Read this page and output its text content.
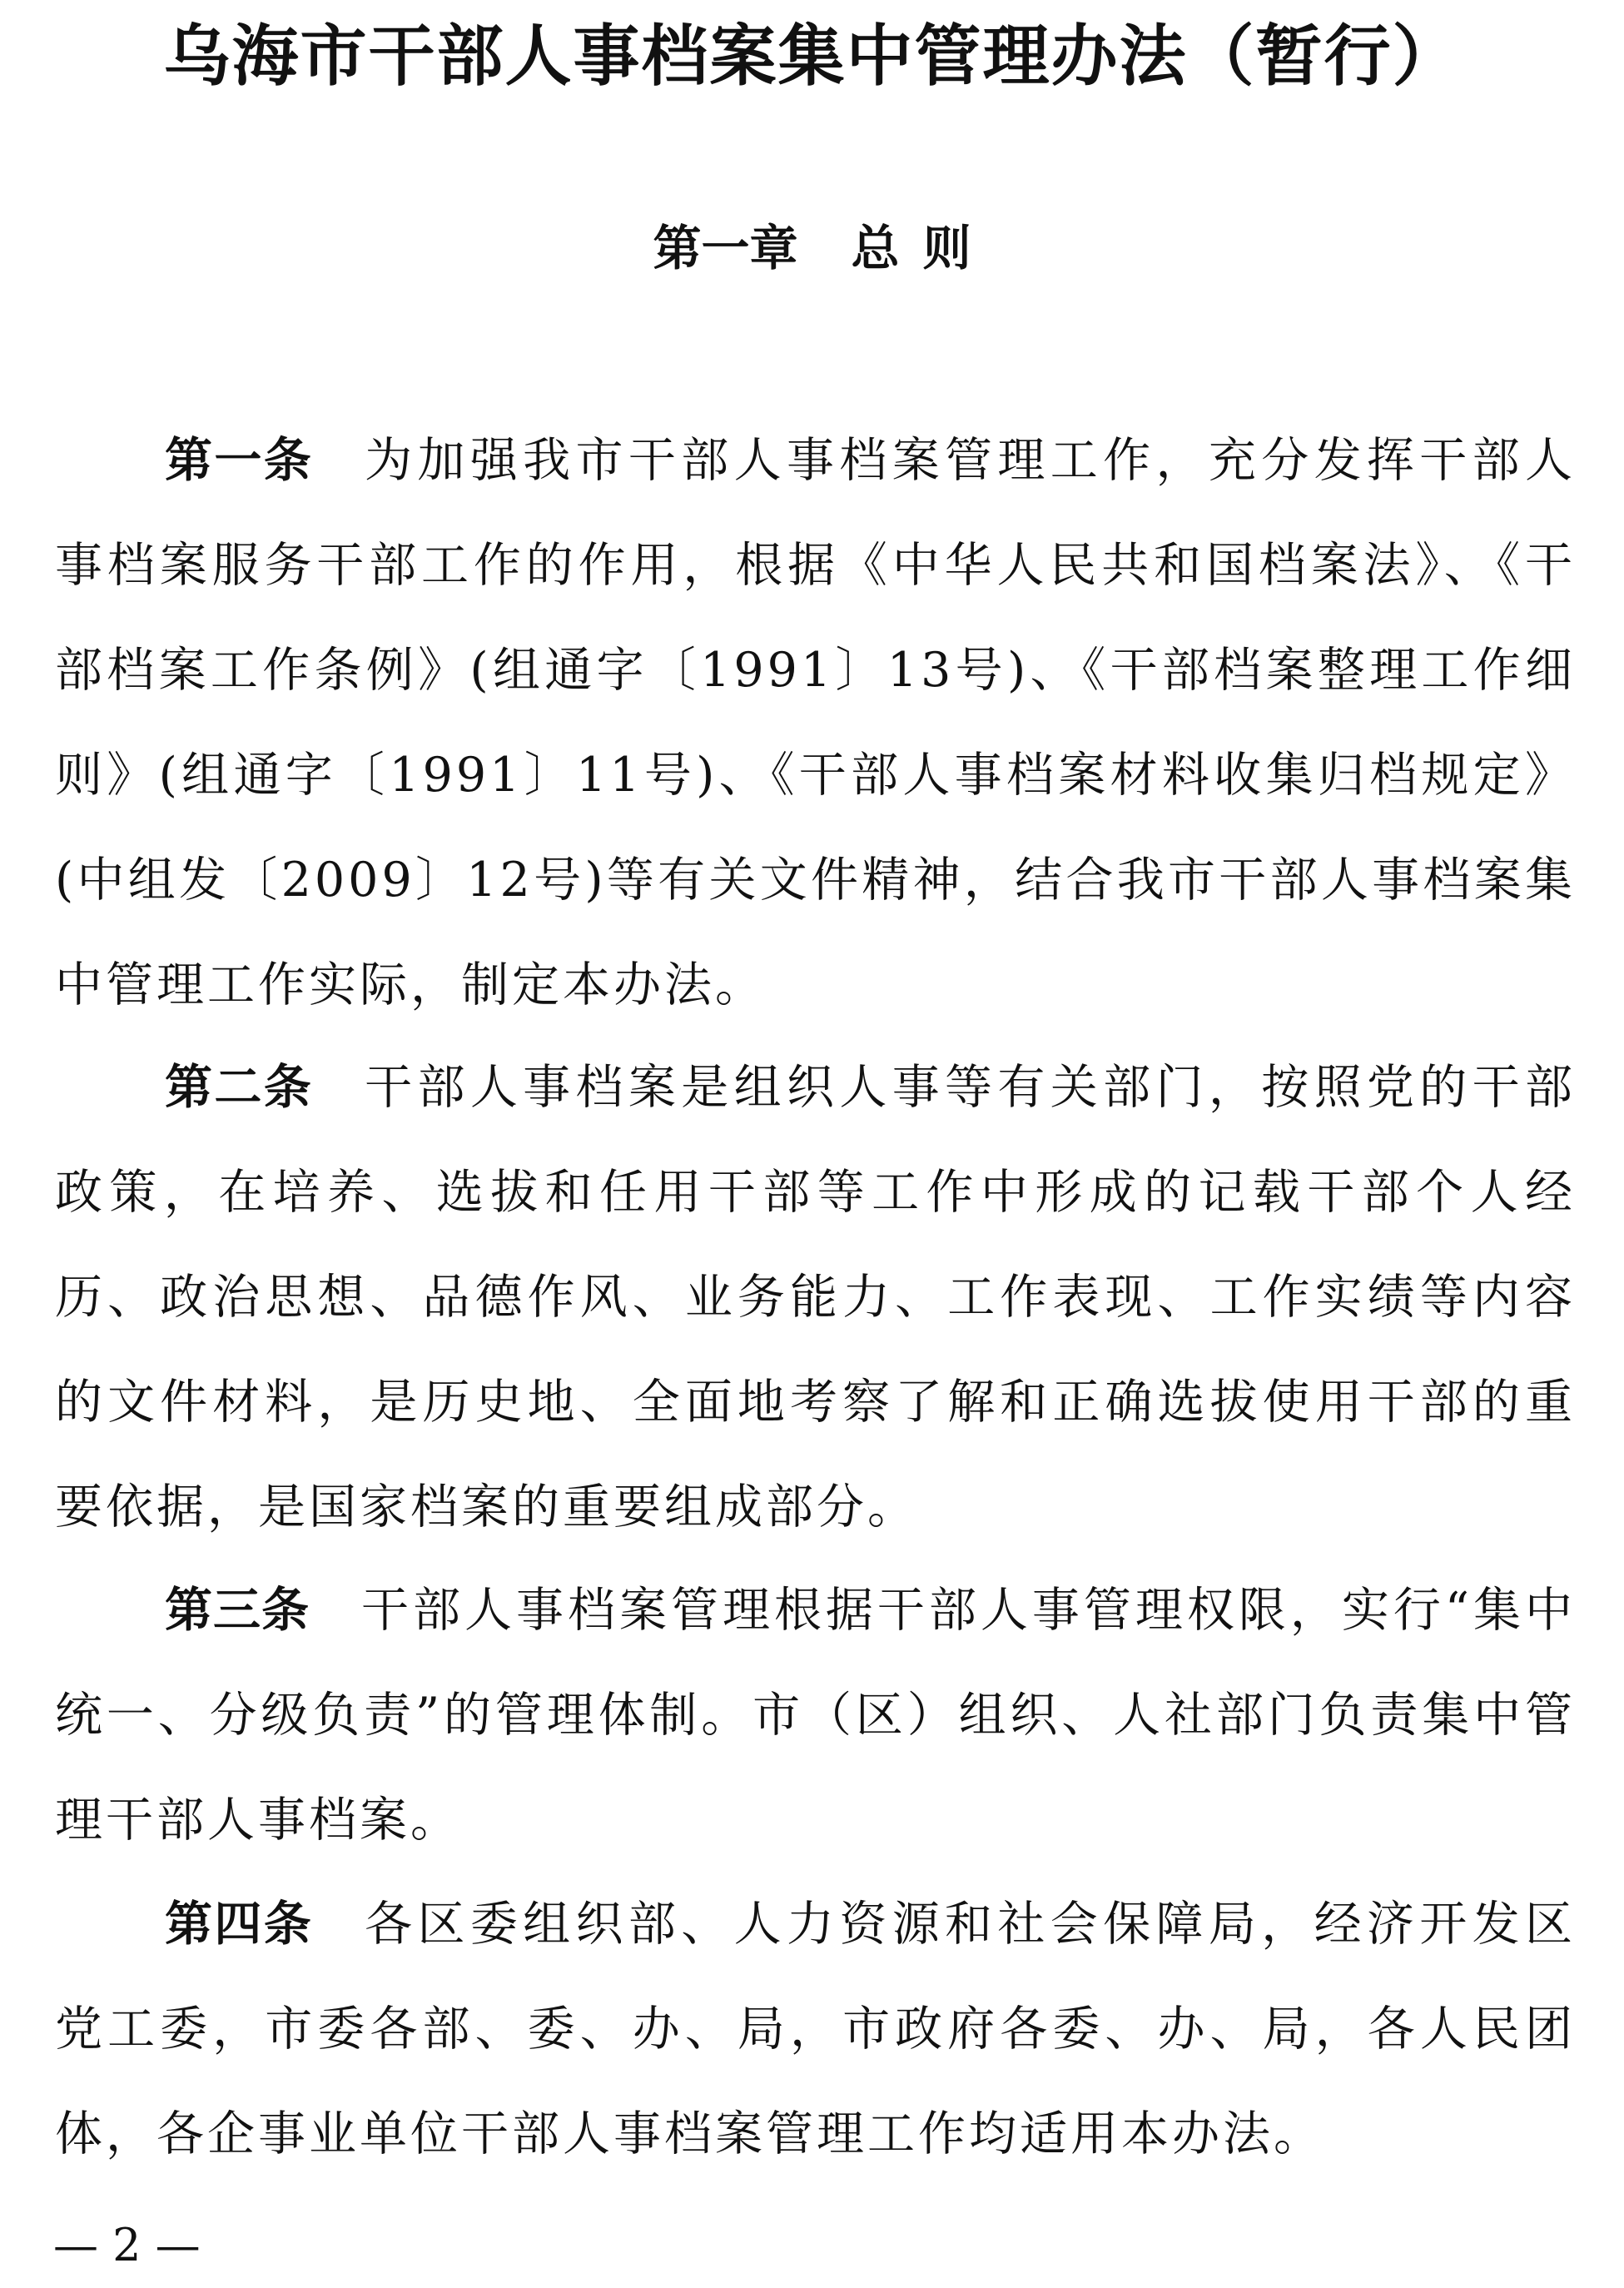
乌海市干部人事档案集中管理办法（暂行）
第一章 总 则
第一条 为加强我市干部人事档案管理工作，充分发挥干部人事档案服务干部工作的作用，根据《中华人民共和国档案法》、《干部档案工作条例》(组通字〔1991〕13号)、《干部档案整理工作细则》(组通字〔1991〕11号)、《干部人事档案材料收集归档规定》(中组发〔2009〕12号)等有关文件精神，结合我市干部人事档案集中管理工作实际，制定本办法。
第二条 干部人事档案是组织人事等有关部门，按照党的干部政策，在培养、选拔和任用干部等工作中形成的记载干部个人经历、政治思想、品德作风、业务能力、工作表现、工作实绩等内容的文件材料，是历史地、全面地考察了解和正确选拔使用干部的重要依据，是国家档案的重要组成部分。
第三条 干部人事档案管理根据干部人事管理权限，实行“集中统一、分级负责”的管理体制。市（区）组织、人社部门负责集中管理干部人事档案。
第四条 各区委组织部、人力资源和社会保障局，经济开发区党工委，市委各部、委、办、局，市政府各委、办、局，各人民团体，各企事业单位干部人事档案管理工作均适用本办法。
— 2 —
